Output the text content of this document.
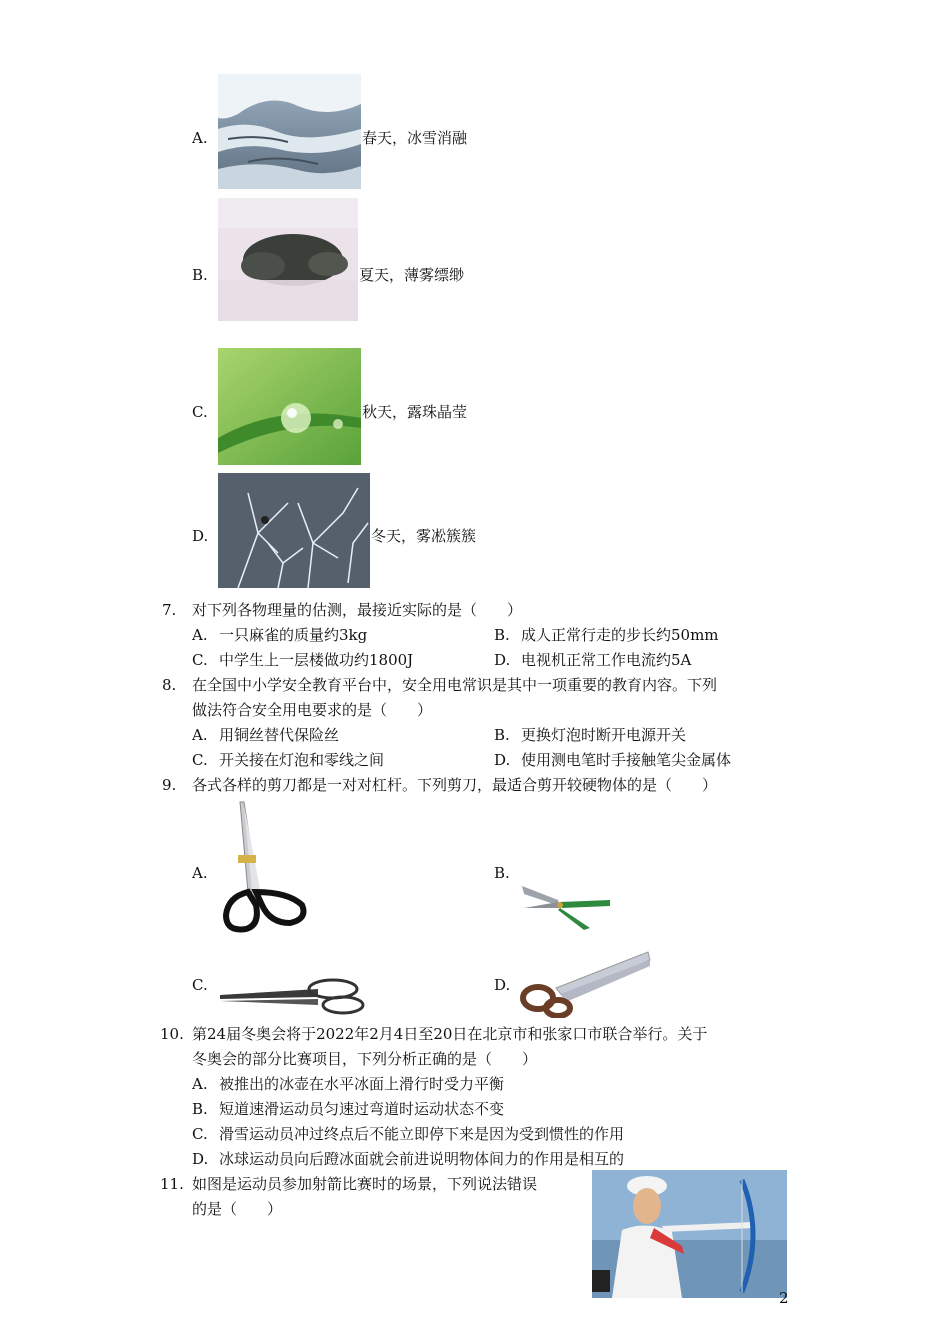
A.	春天，冰雪消融
B.	夏天，薄雾缥缈
C.	秋天，露珠晶莹
D.	冬天，雾凇簇簇
7. 对下列各物理量的估测，最接近实际的是（　　）
A. 一只麻雀的质量约3kg	B. 成人正常行走的步长约50mm
C. 中学生上一层楼做功约1800J	D. 电视机正常工作电流约5A
8. 在全国中小学安全教育平台中，安全用电常识是其中一项重要的教育内容。下列
做法符合安全用电要求的是（　　）
A. 用铜丝替代保险丝	B. 更换灯泡时断开电源开关
C. 开关接在灯泡和零线之间	D. 使用测电笔时手接触笔尖金属体
9. 各式各样的剪刀都是一对对杠杆。下列剪刀，最适合剪开较硬物体的是（　　）
A.	B.
C.	D.
10. 第24届冬奥会将于2022年2月4日至20日在北京市和张家口市联合举行。关于
冬奥会的部分比赛项目，下列分析正确的是（　　）
A. 被推出的冰壶在水平冰面上滑行时受力平衡
B. 短道速滑运动员匀速过弯道时运动状态不变
C. 滑雪运动员冲过终点后不能立即停下来是因为受到惯性的作用
D. 冰球运动员向后蹬冰面就会前进说明物体间力的作用是相互的
11. 如图是运动员参加射箭比赛时的场景，下列说法错误
的是（　　）
2
